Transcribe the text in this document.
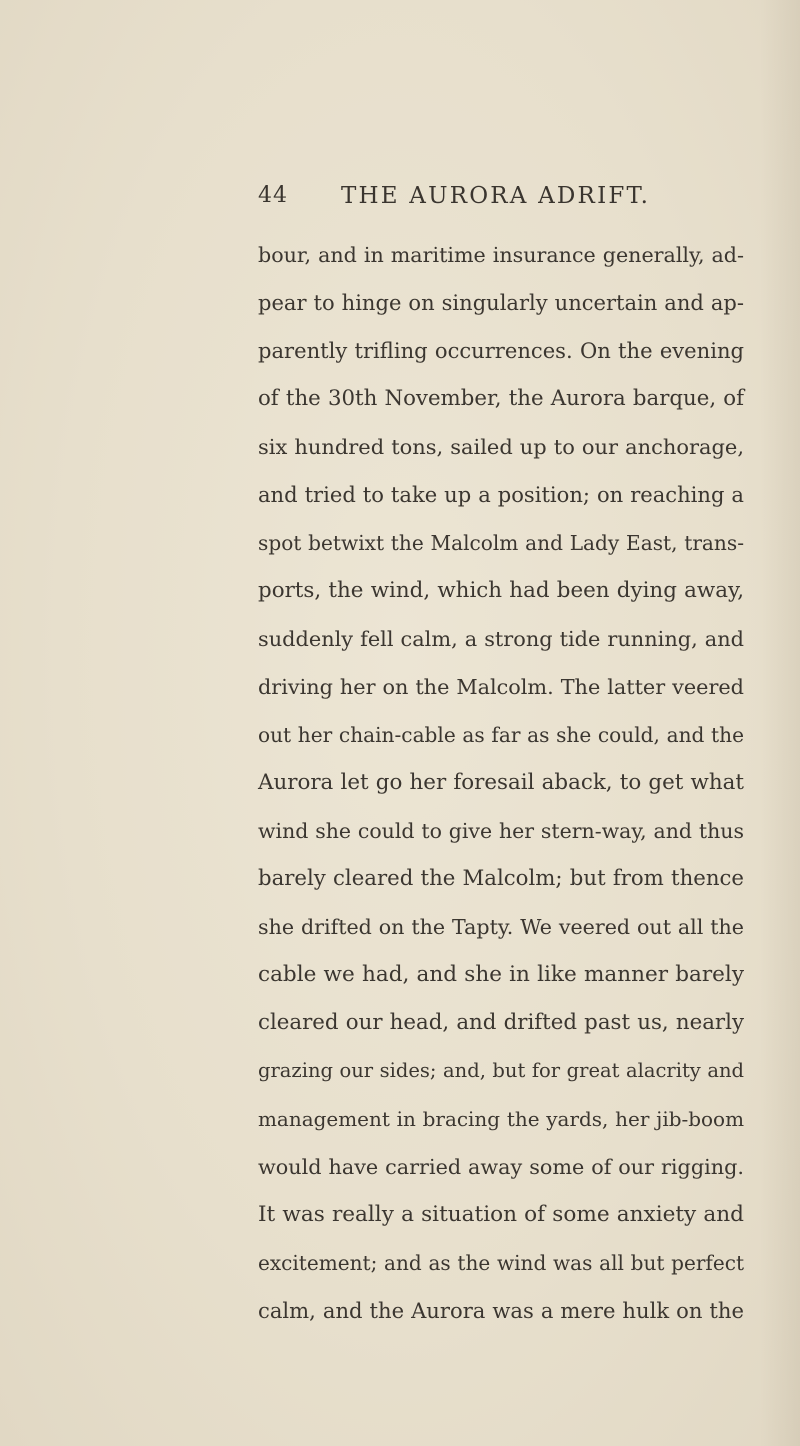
44 THE AURORA ADRIFT.
bour, and in maritime insurance generally, ad-
pear to hinge on singularly uncertain and ap-
parently trifling occurrences. On the evening
of the 30th November, the Aurora barque, of
six hundred tons, sailed up to our anchorage,
and tried to take up a position; on reaching a
spot betwixt the Malcolm and Lady East, trans-
ports, the wind, which had been dying away,
suddenly fell calm, a strong tide running, and
driving her on the Malcolm. The latter veered
out her chain-cable as far as she could, and the
Aurora let go her foresail aback, to get what
wind she could to give her stern-way, and thus
barely cleared the Malcolm; but from thence
she drifted on the Tapty. We veered out all the
cable we had, and she in like manner barely
cleared our head, and drifted past us, nearly
grazing our sides; and, but for great alacrity and
management in bracing the yards, her jib-boom
would have carried away some of our rigging.
It was really a situation of some anxiety and
excitement; and as the wind was all but perfect
calm, and the Aurora was a mere hulk on the
